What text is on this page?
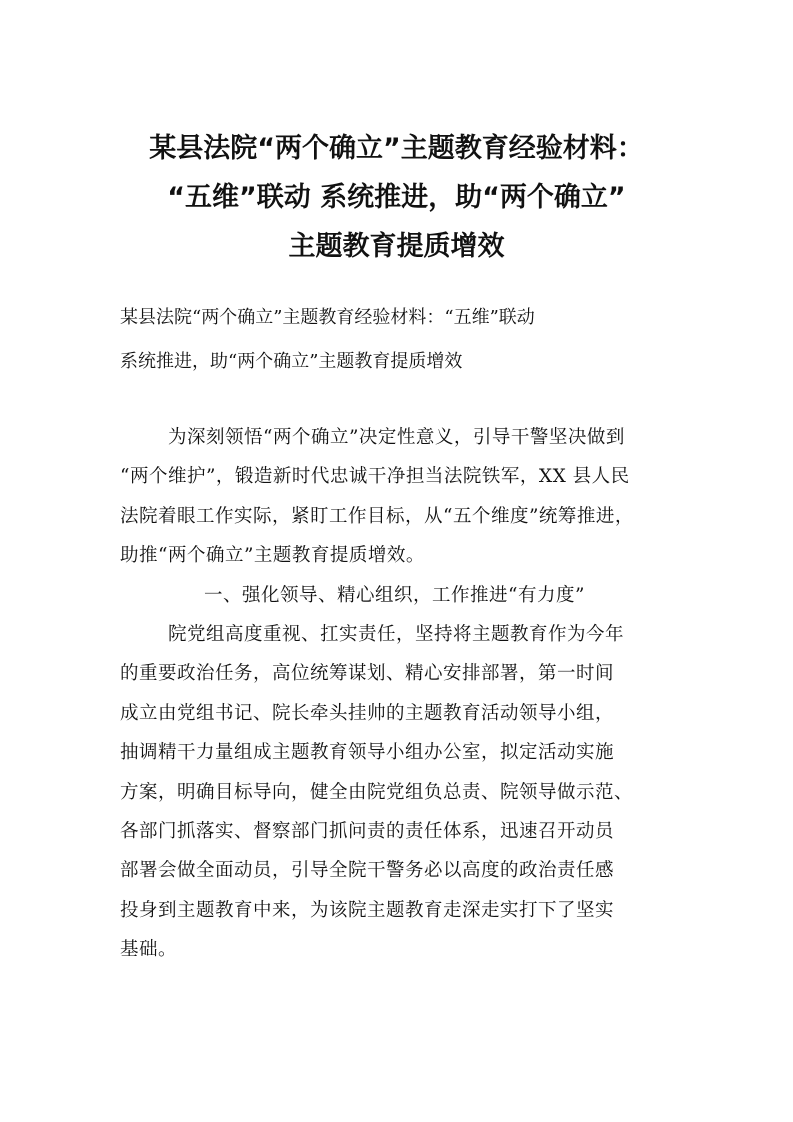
某县法院“两个确立”主题教育经验材料：
“五维”联动 系统推进，助“两个确立”
主题教育提质增效
某县法院“两个确立”主题教育经验材料：“五维”联动
系统推进，助“两个确立”主题教育提质增效
为深刻领悟“两个确立”决定性意义，引导干警坚决做到
“两个维护”，锻造新时代忠诚干净担当法院铁军，XX 县人民
法院着眼工作实际，紧盯工作目标，从“五个维度”统筹推进，
助推“两个确立”主题教育提质增效。
一、强化领导、精心组织，工作推进“有力度”
院党组高度重视、扛实责任，坚持将主题教育作为今年
的重要政治任务，高位统筹谋划、精心安排部署，第一时间
成立由党组书记、院长牵头挂帅的主题教育活动领导小组，
抽调精干力量组成主题教育领导小组办公室，拟定活动实施
方案，明确目标导向，健全由院党组负总责、院领导做示范、
各部门抓落实、督察部门抓问责的责任体系，迅速召开动员
部署会做全面动员，引导全院干警务必以高度的政治责任感
投身到主题教育中来，为该院主题教育走深走实打下了坚实
基础。
